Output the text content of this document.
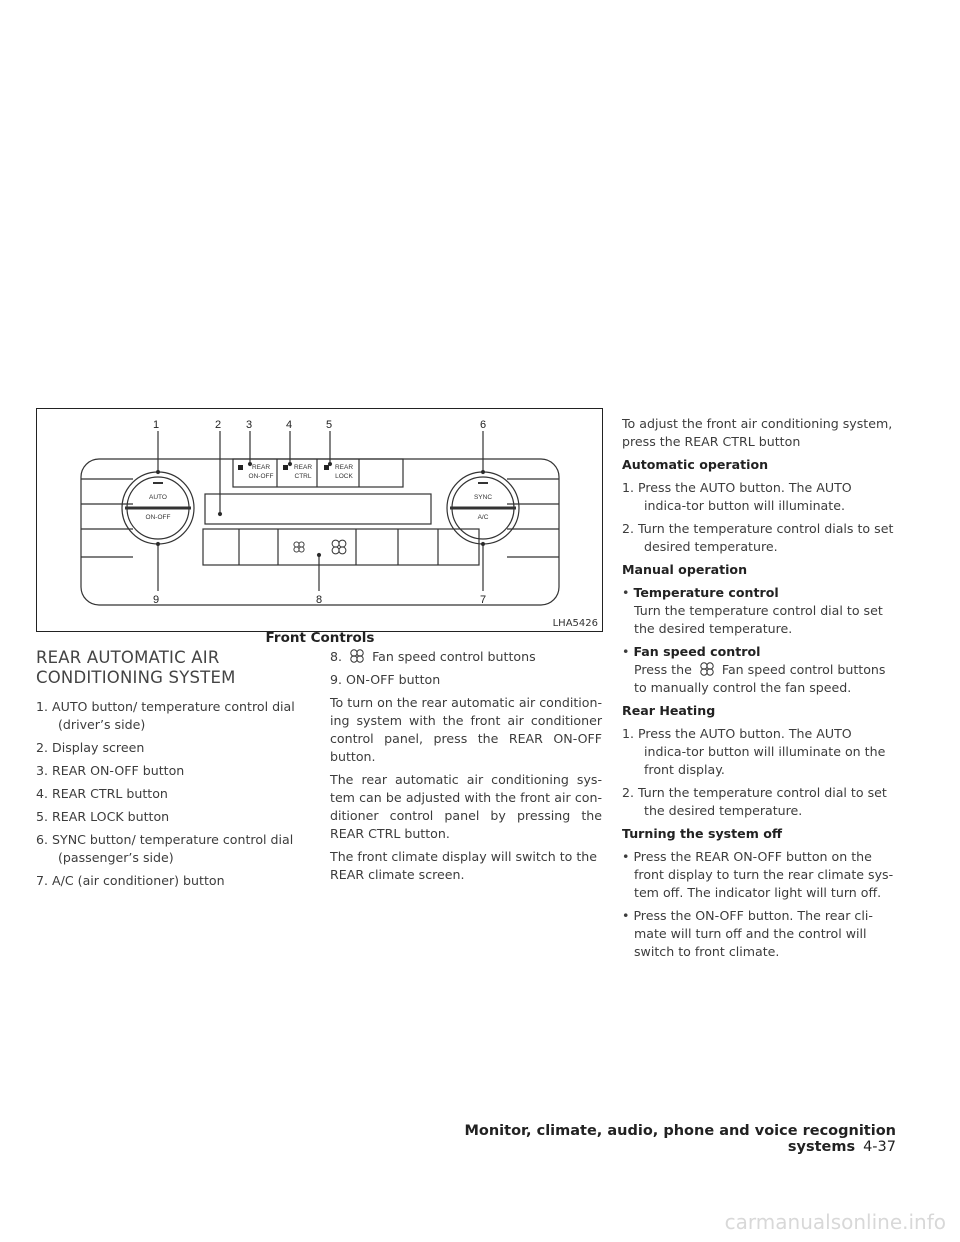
1	2 3	4	5	6
7
8
9
REAR
ON-OFF
REAR
CTRL
REAR
LOCK
AUTO
ON-OFF
SYNC
A/C
LHA5426
Front Controls
REAR AUTOMATIC AIR
CONDITIONING SYSTEM

1. AUTO button/ temperature control dial (driver’s side)

2. Display screen

3. REAR ON-OFF button

4. REAR CTRL button

5. REAR LOCK button

6. SYNC button/ temperature control dial (passenger’s side)

7. A/C (air conditioner) button

8. Fan speed control buttons

9. ON-OFF button

To turn on the rear automatic air condition-ing system with the front air conditioner control panel, press the REAR ON-OFF button.

The rear automatic air conditioning sys-tem can be adjusted with the front air con-ditioner control panel by pressing the REAR CTRL button.

The front climate display will switch to the REAR climate screen.

To adjust the front air conditioning system, press the REAR CTRL button

Automatic operation

1. Press the AUTO button. The AUTO indica-tor button will illuminate.

2. Turn the temperature control dials to set desired temperature.

Manual operation

• Temperature control
Turn the temperature control dial to set the desired temperature.
• Fan speed control
Press the Fan speed control buttons to manually control the fan speed.

Rear Heating

1. Press the AUTO button. The AUTO indica-tor button will illuminate on the front display.

2. Turn the temperature control dial to set the desired temperature.

Turning the system off

• Press the REAR ON-OFF button on the front display to turn the rear climate sys-tem off. The indicator light will turn off.

• Press the ON-OFF button. The rear cli-mate will turn off and the control will switch to front climate.

Monitor, climate, audio, phone and voice recognition systems 4-37
carmanualsonline.info
